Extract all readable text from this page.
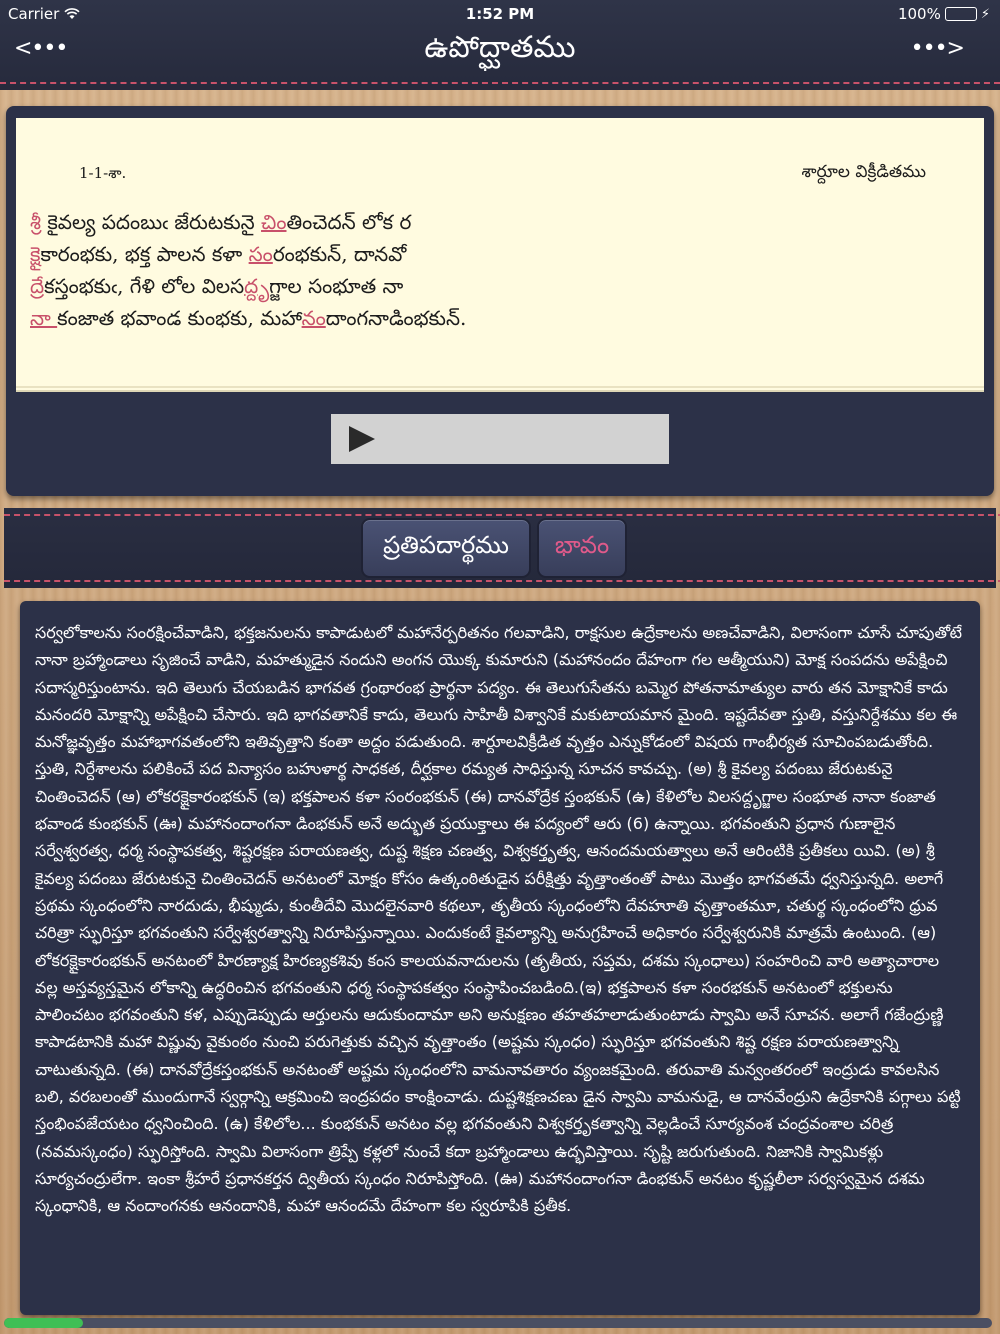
Carrier	1:52 PM	100%	⚡
<•••	ఉపోద్ఘాతము	•••>
1-1-శా.	శార్దూల విక్రీడితము
శ్రీ కైవల్య పదంబుఁ జేరుటకునై చింతించెదన్ లోక ర
క్షైకారంభకు, భక్త పాలన కళా సంరంభకున్, దానవో
ద్రేకస్తంభకుఁ, గేళి లోల విలసద్దృగ్జాల సంభూత నా
నా కంజాత భవాండ కుంభకు, మహానందాంగనాడింభకున్.
ప్రతిపదార్థము	భావం
సర్వలోకాలను సంరక్షించేవాడిని, భక్తజనులను కాపాడుటలో మహానేర్పరితనం గలవాడిని, రాక్షసుల ఉద్రేకాలను అణచేవాడిని, విలాసంగా చూసే చూపుతోటే నానా బ్రహ్మాండాలు సృజించే వాడిని, మహత్ముడైన నందుని అంగన యొక్క కుమారుని (మహానందం దేహంగా గల ఆత్మీయుని) మోక్ష సంపదను అపేక్షించి సదాస్మరిస్తుంటాను. ఇది తెలుగు చేయబడిన భాగవత గ్రంథారంభ ప్రార్థనా పద్యం. ఈ తెలుగుసేతను బమ్మెర పోతనామాత్యుల వారు తన మోక్షానికే కాదు మనందరి మోక్షాన్ని అపేక్షించి చేసారు. ఇది భాగవతానికే కాదు, తెలుగు సాహితీ విశ్వానికే మకుటాయమాన మైంది. ఇష్టదేవతా స్తుతి, వస్తునిర్దేశము కల ఈ మనోజ్ఞవృత్తం మహాభాగవతంలోని ఇతివృత్తాని కంతా అద్దం పడుతుంది. శార్దూలవిక్రీడిత వృత్తం ఎన్నుకోడంలో విషయ గాంభీర్యత సూచింపబడుతోంది. స్తుతి, నిర్దేశాలను పలికించే పద విన్యాసం బహుళార్థ సాధకత, దీర్ఘకాల రమ్యత సాధిస్తున్న సూచన కావచ్చు. (అ) శ్రీ కైవల్య పదంబు జేరుటకునై చింతించెదన్ (ఆ) లోకరక్షైకారంభకున్ (ఇ) భక్తపాలన కళా సంరంభకున్ (ఈ) దానవోద్రేక స్తంభకున్ (ఉ) కేళిలోల విలసద్దృగ్జాల సంభూత నానా కంజాత భవాండ కుంభకున్ (ఊ) మహానందాంగనా డింభకున్ అనే అద్భుత ప్రయుక్తాలు ఈ పద్యంలో ఆరు (6) ఉన్నాయి. భగవంతుని ప్రధాన గుణాలైన సర్వేశ్వరత్వ, ధర్మ సంస్థాపకత్వ, శిష్టరక్షణ పరాయణత్వ, దుష్ట శిక్షణ చణత్వ, విశ్వకర్తృత్వ, ఆనందమయత్వాలు అనే ఆరింటికి ప్రతీకలు యివి. (అ) శ్రీ కైవల్య పదంబు జేరుటకునై చింతించెదన్ అనటంలో మోక్షం కోసం ఉత్కంఠితుడైన పరీక్షిత్తు వృత్తాంతంతో పాటు మొత్తం భాగవతమే ధ్వనిస్తున్నది. అలాగే ప్రథమ స్కంధంలోని నారదుడు, భీష్ముడు, కుంతీదేవి మొదలైనవారి కథలూ, తృతీయ స్కంధంలోని దేవహూతి వృత్తాంతమూ, చతుర్థ స్కంధంలోని ధ్రువ చరిత్రా స్ఫురిస్తూ భగవంతుని సర్వేశ్వరత్వాన్ని నిరూపిస్తున్నాయి. ఎందుకంటే కైవల్యాన్ని అనుగ్రహించే అధికారం సర్వేశ్వరునికి మాత్రమే ఉంటుంది. (ఆ) లోకరక్షైకారంభకున్ అనటంలో హిరణ్యాక్ష హిరణ్యకశివు కంస కాలయవనాదులను (తృతీయ, సప్తమ, దశమ స్కంధాలు) సంహరించి వారి అత్యాచారాల వల్ల అస్తవ్యస్తమైన లోకాన్ని ఉద్ధరించిన భగవంతుని ధర్మ సంస్థాపకత్వం సంస్థాపించబడింది.(ఇ) భక్తపాలన కళా సంరభకున్ అనటంలో భక్తులను పాలించటం భగవంతుని కళ, ఎప్పుడెప్పుడు ఆర్తులను ఆదుకుందామా అని అనుక్షణం తహతహలాడుతుంటాడు స్వామి అనే సూచన. అలాగే గజేంద్రుణ్ణి కాపాడటానికి మహా విష్ణువు వైకుంఠం నుంచి పరుగెత్తుకు వచ్చిన వృత్తాంతం (అష్టమ స్కంధం) స్ఫురిస్తూ భగవంతుని శిష్ట రక్షణ పరాయణత్వాన్ని చాటుతున్నది. (ఈ) దానవోద్రేకస్తంభకున్ అనటంతో అష్టమ స్కంధంలోని వామనావతారం వ్యంజకమైంది. తరువాతి మన్వంతరంలో ఇంద్రుడు కావలసిన బలి, వరబలంతో ముందుగానే స్వర్గాన్ని ఆక్రమించి ఇంద్రపదం కాంక్షించాడు. దుష్టశిక్షణచణు డైన స్వామి వామనుడై, ఆ దానవేంద్రుని ఉద్రేకానికి పగ్గాలు పట్టి స్తంభింపజేయటం ధ్వనించింది. (ఉ) కేళిలోల... కుంభకున్ అనటం వల్ల భగవంతుని విశ్వకర్తృకత్వాన్ని వెల్లడించే సూర్యవంశ చంద్రవంశాల చరిత్ర (నవమస్కంధం) స్ఫురిస్తోంది. స్వామి విలాసంగా త్రిప్పే కళ్లలో నుంచే కదా బ్రహ్మాండాలు ఉద్భవిస్తాయి. సృష్టి జరుగుతుంది. నిజానికి స్వామికళ్లు సూర్యచంద్రులేగా. ఇంకా శ్రీహరే ప్రధానకర్తన ద్వితీయ స్కంధం నిరూపిస్తోంది. (ఊ) మహానందాంగనా డింభకున్ అనటం కృష్ణలీలా సర్వస్వమైన దశమ స్కంధానికి, ఆ నందాంగనకు ఆనందానికి, మహా ఆనందమే దేహంగా కల స్వరూపికి ప్రతీక.
